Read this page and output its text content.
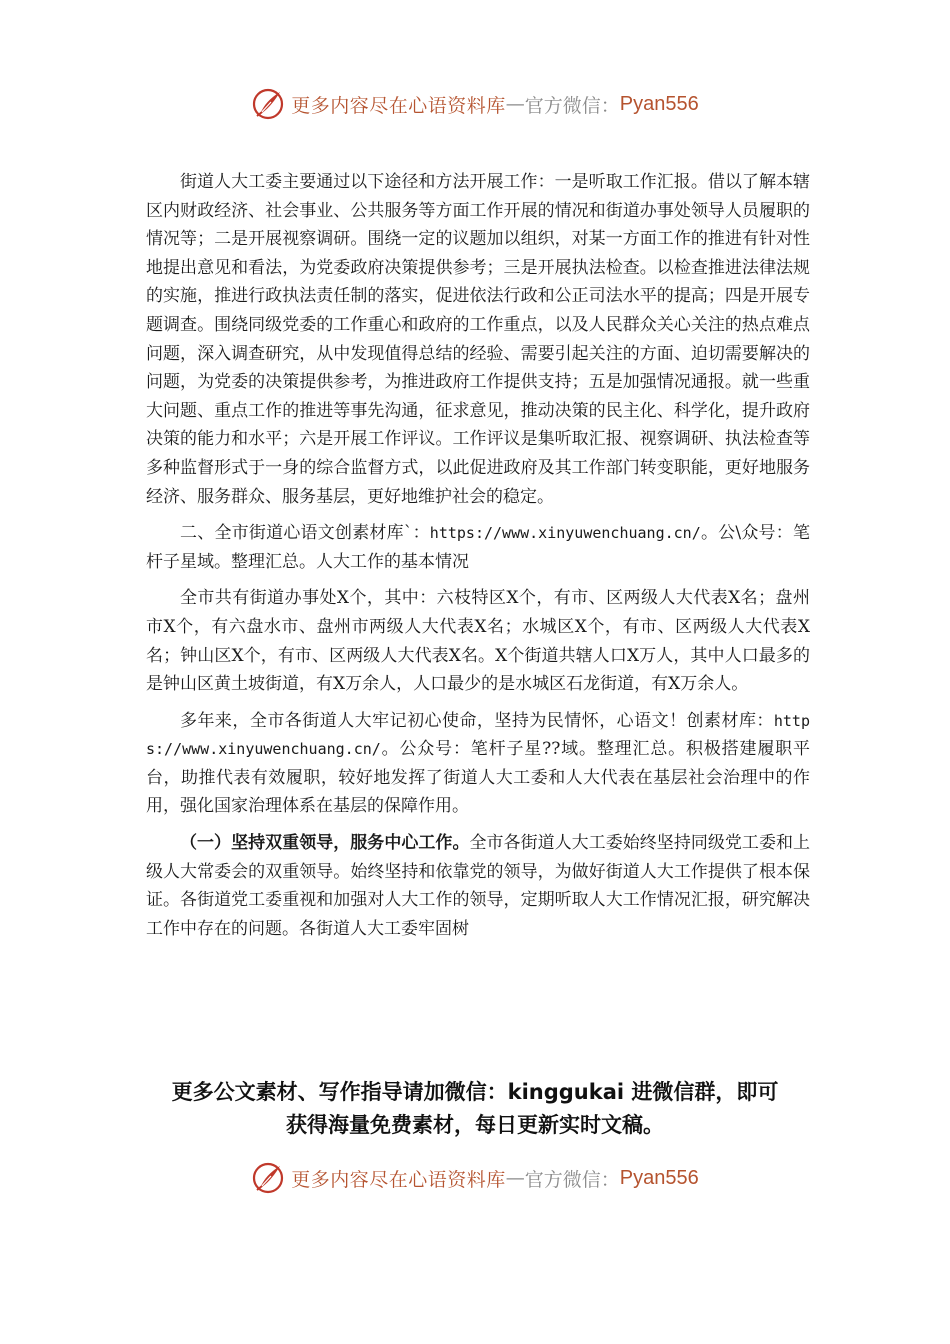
更多内容尽在心语资料库 — 官方微信： Pyan556

街道人大工委主要通过以下途径和方法开展工作：一是听取工作汇报。借以了解本辖区内财政经济、社会事业、公共服务等方面工作开展的情况和街道办事处领导人员履职的情况等；二是开展视察调研。围绕一定的议题加以组织，对某一方面工作的推进有针对性地提出意见和看法，为党委政府决策提供参考；三是开展执法检查。以检查推进法律法规的实施，推进行政执法责任制的落实，促进依法行政和公正司法水平的提高；四是开展专题调查。围绕同级党委的工作重心和政府的工作重点，以及人民群众关心关注的热点难点问题，深入调查研究，从中发现值得总结的经验、需要引起关注的方面、迫切需要解决的问题，为党委的决策提供参考，为推进政府工作提供支持；五是加强情况通报。就一些重大问题、重点工作的推进等事先沟通，征求意见，推动决策的民主化、科学化，提升政府决策的能力和水平；六是开展工作评议。工作评议是集听取汇报、视察调研、执法检查等多种监督形式于一身的综合监督方式，以此促进政府及其工作部门转变职能，更好地服务经济、服务群众、服务基层，更好地维护社会的稳定。

二、全市街道心语文创素材库`：https://www.xinyuwenchuang.cn/。公\众号：笔杆子星域。整理汇总。人大工作的基本情况

全市共有街道办事处X个，其中：六枝特区X个，有市、区两级人大代表X名；盘州市X个，有六盘水市、盘州市两级人大代表X名；水城区X个，有市、区两级人大代表X名；钟山区X个，有市、区两级人大代表X名。X个街道共辖人口X万人，其中人口最多的是钟山区黄土坡街道，有X万余人，人口最少的是水城区石龙街道，有X万余人。

多年来，全市各街道人大牢记初心使命，坚持为民情怀，心语文！创素材库：https://www.xinyuwenchuang.cn/。公众号：笔杆子星??域。整理汇总。积极搭建履职平台，助推代表有效履职，较好地发挥了街道人大工委和人大代表在基层社会治理中的作用，强化国家治理体系在基层的保障作用。

（一）坚持双重领导，服务中心工作。全市各街道人大工委始终坚持同级党工委和上级人大常委会的双重领导。始终坚持和依靠党的领导，为做好街道人大工作提供了根本保证。各街道党工委重视和加强对人大工作的领导，定期听取人大工作情况汇报，研究解决工作中存在的问题。各街道人大工委牢固树

更多公文素材、写作指导请加微信：kinggukai 进微信群，即可
获得海量免费素材，每日更新实时文稿。
更多内容尽在心语资料库 — 官方微信： Pyan556
